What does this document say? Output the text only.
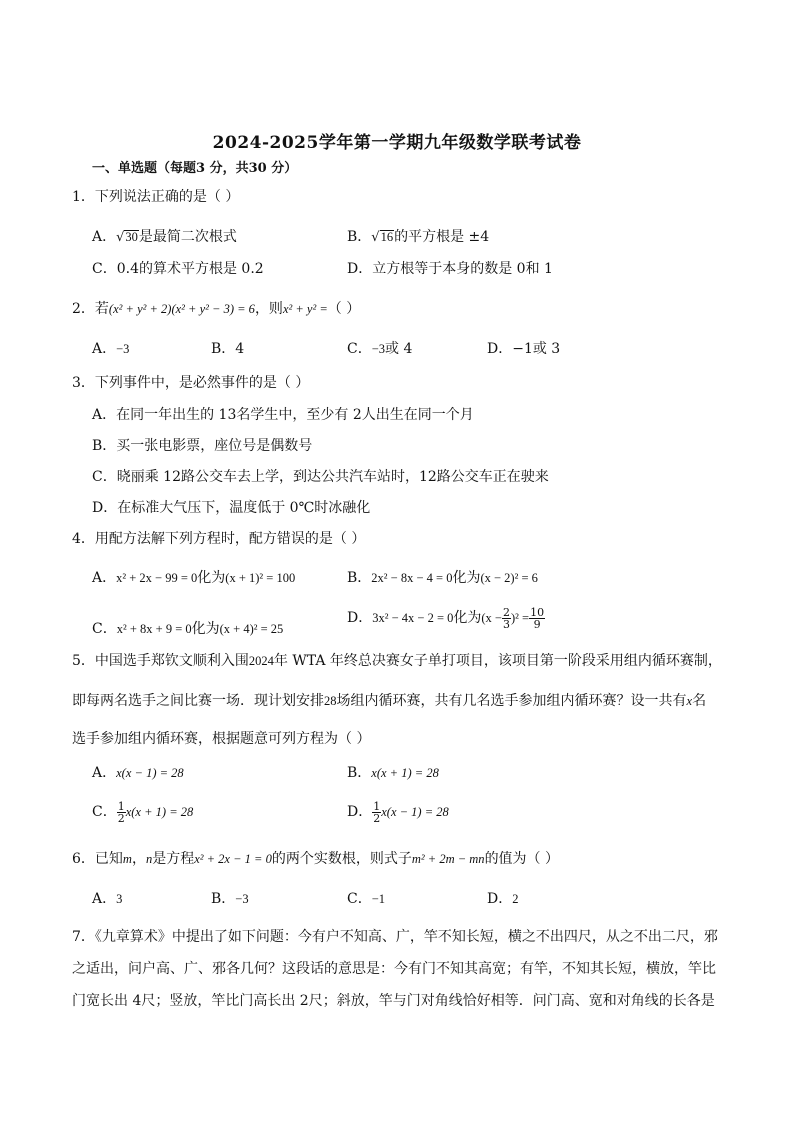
2024-2025学年第一学期九年级数学联考试卷
一、单选题（每题3 分，共30 分）
1．下列说法正确的是（ ）
A．√30是最简二次根式	B．√16的平方根是 ±4
C．0.4的算术平方根是 0.2	D．立方根等于本身的数是 0和 1
2．若(x² + y² + 2)(x² + y² − 3) = 6，则x² + y² =（ ）
A．−3	B．4	C．−3或 4	D．−1或 3
3．下列事件中，是必然事件的是（ ）
A．在同一年出生的 13名学生中，至少有 2人出生在同一个月
B．买一张电影票，座位号是偶数号
C．晓丽乘 12路公交车去上学，到达公共汽车站时，12路公交车正在驶来
D．在标准大气压下，温度低于 0℃时冰融化
4．用配方法解下列方程时，配方错误的是（ ）
A．x² + 2x − 99 = 0化为(x + 1)² = 100	B．2x² − 8x − 4 = 0化为(x − 2)² = 6
C．x² + 8x + 9 = 0化为(x + 4)² = 25
D．3x² − 4x − 2 = 0化为$(x - \frac{2}{3} )^2 = \frac{10}{9}$
5．中国选手郑钦文顺利入围2024年 WTA 年终总决赛女子单打项目，该项目第一阶段采用组内循环赛制，
即每两名选手之间比赛一场．现计划安排28场组内循环赛，共有几名选手参加组内循环赛？设一共有x名
选手参加组内循环赛，根据题意可列方程为（ ）
A．x(x − 1) = 28	B．x(x + 1) = 28
C． $\frac{1}{2} x(x + 1) = 28$	D． $\frac{1}{2} x(x - 1) = 28$
6．已知m，n是方程x² + 2x − 1 = 0的两个实数根，则式子m² + 2m − mn的值为（ ）
A．3	B．−3	C．−1	D．2
7．《九章算术》中提出了如下问题：今有户不知高、广，竿不知长短，横之不出四尺，从之不出二尺，邪
之适出，问户高、广、邪各几何？这段话的意思是：今有门不知其高宽；有竿，不知其长短，横放，竿比
门宽长出 4尺；竖放，竿比门高长出 2尺；斜放，竿与门对角线恰好相等．问门高、宽和对角线的长各是
